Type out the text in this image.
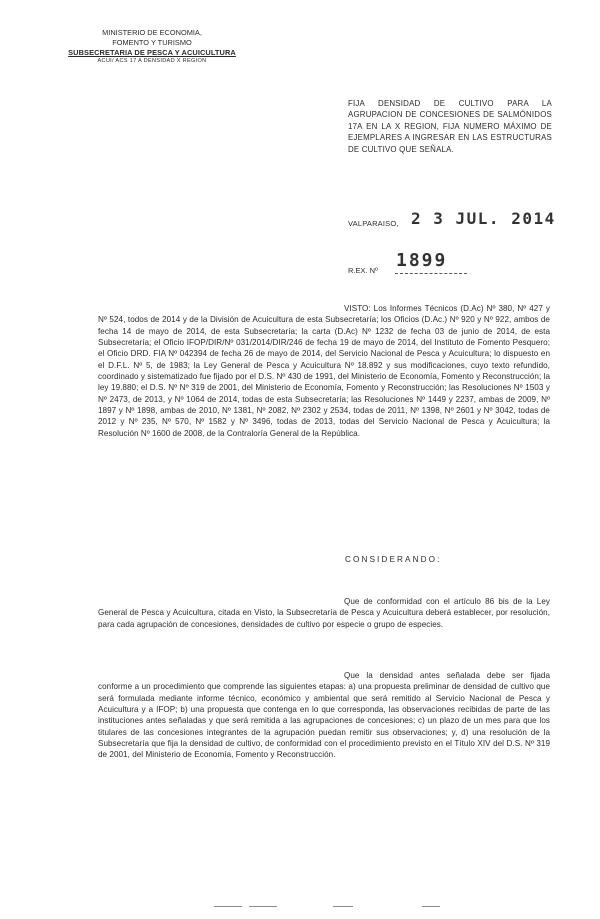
MINISTERIO DE ECONOMIA,
FOMENTO Y TURISMO
SUBSECRETARIA DE PESCA Y ACUICULTURA
ACUI/ ACS 17 A DENSIDAD X REGION
FIJA DENSIDAD DE CULTIVO PARA LA AGRUPACION DE CONCESIONES DE SALMÓNIDOS 17A EN LA X REGION, FIJA NUMERO MÁXIMO DE EJEMPLARES A INGRESAR EN LAS ESTRUCTURAS DE CULTIVO QUE SEÑALA.
VALPARAISO, 2 3 JUL. 2014
R.EX. Nº 1899

VISTO: Los Informes Técnicos (D.Ac) Nº 380, Nº 427 y Nº 524, todos de 2014 y de la División de Acuicultura de esta Subsecretaría; los Oficios (D.Ac.) Nº 920 y Nº 922, ambos de fecha 14 de mayo de 2014, de esta Subsecretaría; la carta (D.Ac) Nº 1232 de fecha 03 de junio de 2014, de esta Subsecretaría; el Oficio IFOP/DIR/Nº 031/2014/DIR/246 de fecha 19 de mayo de 2014, del Instituto de Fomento Pesquero; el Oficio DRD. FIA Nº 042394 de fecha 26 de mayo de 2014, del Servicio Nacional de Pesca y Acuicultura; lo dispuesto en el D.F.L. Nº 5, de 1983; la Ley General de Pesca y Acuicultura Nº 18.892 y sus modificaciones, cuyo texto refundido, coordinado y sistematizado fue fijado por el D.S. Nº 430 de 1991, del Ministerio de Economía, Fomento y Reconstrucción; la ley 19.880; el D.S. Nº Nº 319 de 2001, del Ministerio de Economía, Fomento y Reconstrucción; las Resoluciones Nº 1503 y Nº 2473, de 2013, y Nº 1064 de 2014, todas de esta Subsecretaría; las Resoluciones Nº 1449 y 2237, ambas de 2009, Nº 1897 y Nº 1898, ambas de 2010, Nº 1381, Nº 2082, Nº 2302 y 2534, todas de 2011, Nº 1398, Nº 2601 y Nº 3042, todas de 2012 y Nº 235, Nº 570, Nº 1582 y Nº 3496, todas de 2013, todas del Servicio Nacional de Pesca y Acuicultura; la Resolución Nº 1600 de 2008, de la Contraloría General de la República.

CONSIDERANDO:

Que de conformidad con el artículo 86 bis de la Ley General de Pesca y Acuicultura, citada en Visto, la Subsecretaría de Pesca y Acuicultura deberá establecer, por resolución, para cada agrupación de concesiones, densidades de cultivo por especie o grupo de especies.

Que la densidad antes señalada debe ser fijada conforme a un procedimiento que comprende las siguientes etapas: a) una propuesta preliminar de densidad de cultivo que será formulada mediante informe técnico, económico y ambiental que será remitido al Servicio Nacional de Pesca y Acuicultura y a IFOP; b) una propuesta que contenga en lo que corresponda, las observaciones recibidas de parte de las instituciones antes señaladas y que será remitida a las agrupaciones de concesiones; c) un plazo de un mes para que los titulares de las concesiones integrantes de la agrupación puedan remitir sus observaciones; y, d) una resolución de la Subsecretaría que fija la densidad de cultivo, de conformidad con el procedimiento previsto en el Título XIV del D.S. Nº 319 de 2001, del Ministerio de Economía, Fomento y Reconstrucción.
